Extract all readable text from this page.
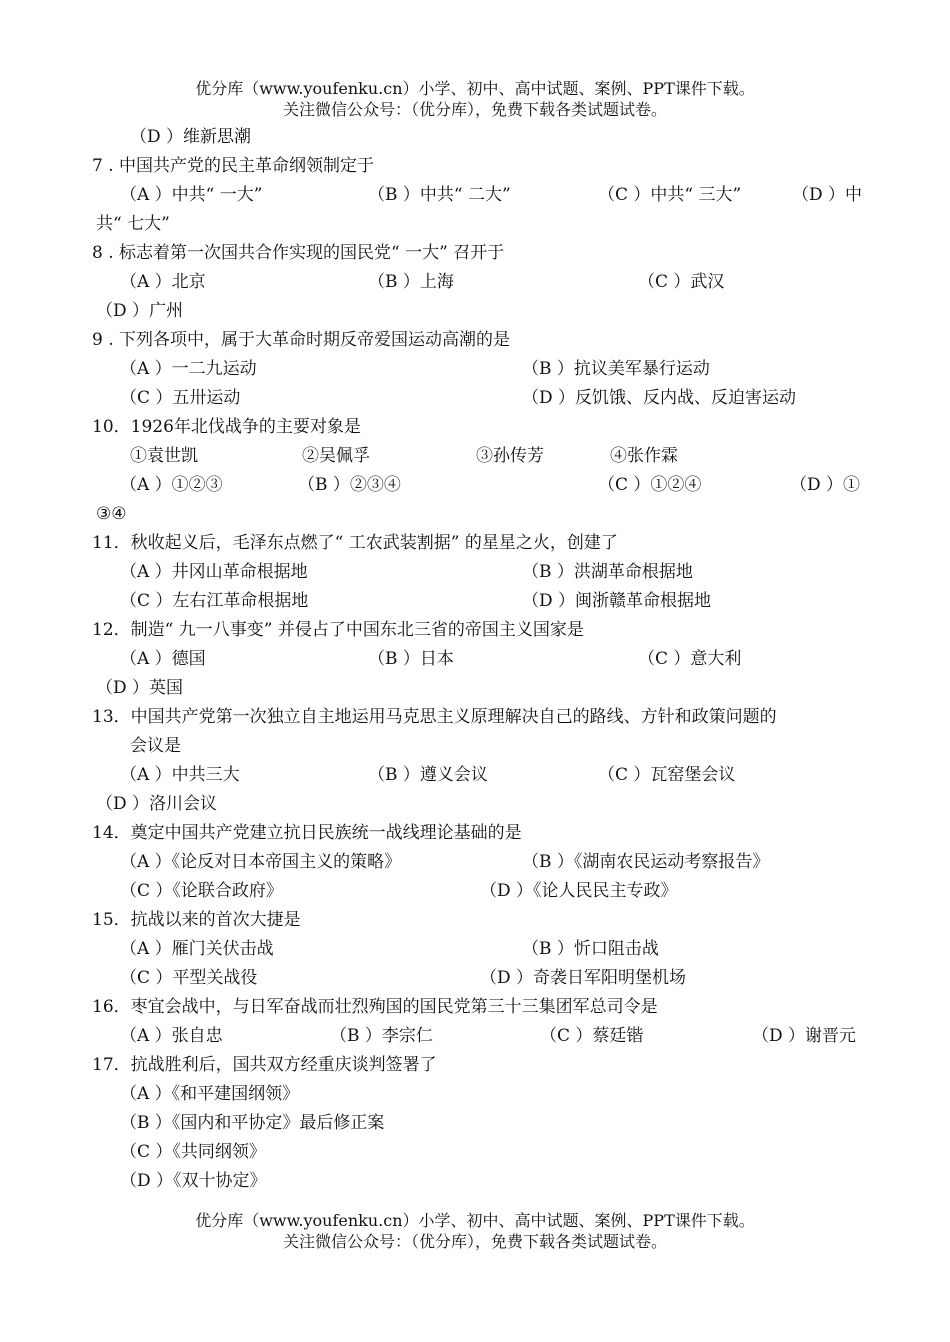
优分库（www.youfenku.cn）小学、初中、高中试题、案例、PPT课件下载。
关注微信公众号：（优分库），免费下载各类试题试卷。
（D ）维新思潮
7 . 中国共产党的民主革命纲领制定于
（A ）中共“ 一大”	（B ）中共“ 二大”	（C ）中共“ 三大”	（D ）中
共“ 七大”
8 . 标志着第一次国共合作实现的国民党“ 一大” 召开于
（A ）北京	（B ）上海	（C ）武汉
（D ）广州
9 . 下列各项中，属于大革命时期反帝爱国运动高潮的是
（A ）一二九运动	（B ）抗议美军暴行运动
（C ）五卅运动	（D ）反饥饿、反内战、反迫害运动
10．1926年北伐战争的主要对象是
①袁世凯	②吴佩孚	③孙传芳	④张作霖
（A ）①②③	（B ）②③④	（C ）①②④	（D ）①
③④
11．秋收起义后，毛泽东点燃了“ 工农武装割据” 的星星之火，创建了
（A ）井冈山革命根据地	（B ）洪湖革命根据地
（C ）左右江革命根据地	（D ）闽浙赣革命根据地
12．制造“ 九一八事变” 并侵占了中国东北三省的帝国主义国家是
（A ）德国	（B ）日本	（C ）意大利
（D ）英国
13．中国共产党第一次独立自主地运用马克思主义原理解决自己的路线、方针和政策问题的
会议是
（A ）中共三大	（B ）遵义会议	（C ）瓦窑堡会议
（D ）洛川会议
14．奠定中国共产党建立抗日民族统一战线理论基础的是
（A ）《论反对日本帝国主义的策略》	（B ）《湖南农民运动考察报告》
（C ）《论联合政府》	（D ）《论人民民主专政》
15．抗战以来的首次大捷是
（A ）雁门关伏击战	（B ）忻口阻击战
（C ）平型关战役	（D ）奇袭日军阳明堡机场
16．枣宜会战中，与日军奋战而壮烈殉国的国民党第三十三集团军总司令是
（A ）张自忠	（B ）李宗仁	（C ）蔡廷锴	（D ）谢晋元
17．抗战胜利后，国共双方经重庆谈判签署了
（A ）《和平建国纲领》
（B ）《国内和平协定》最后修正案
（C ）《共同纲领》
（D ）《双十协定》
优分库（www.youfenku.cn）小学、初中、高中试题、案例、PPT课件下载。
关注微信公众号：（优分库），免费下载各类试题试卷。
